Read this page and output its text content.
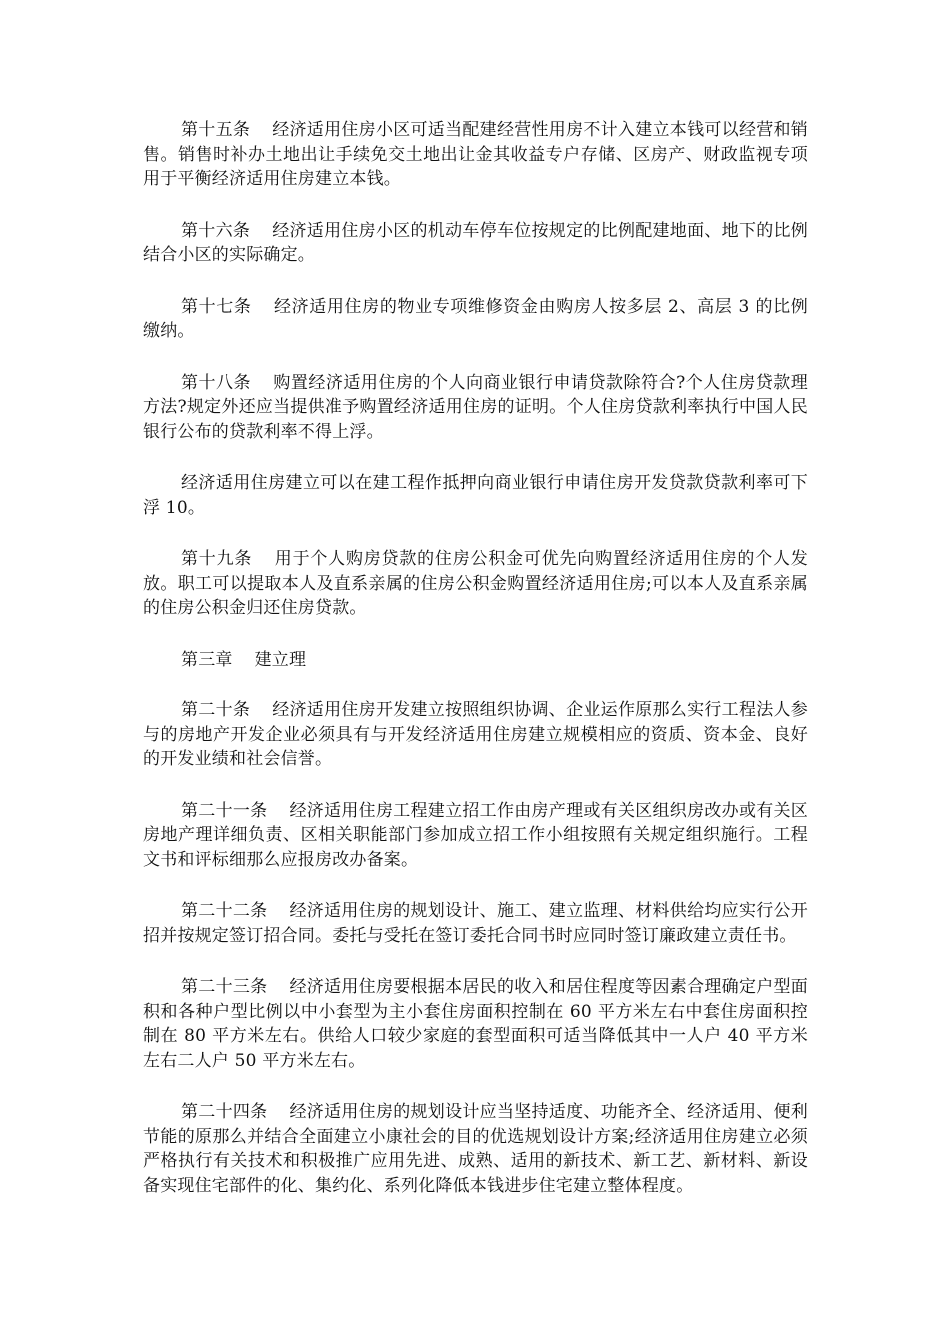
第十五条 经济适用住房小区可适当配建经营性用房不计入建立本钱可以经营和销售。销售时补办土地出让手续免交土地出让金其收益专户存储、区房产、财政监视专项用于平衡经济适用住房建立本钱。

第十六条 经济适用住房小区的机动车停车位按规定的比例配建地面、地下的比例结合小区的实际确定。

第十七条 经济适用住房的物业专项维修资金由购房人按多层 2、高层 3 的比例缴纳。

第十八条 购置经济适用住房的个人向商业银行申请贷款除符合?个人住房贷款理方法?规定外还应当提供准予购置经济适用住房的证明。个人住房贷款利率执行中国人民银行公布的贷款利率不得上浮。

经济适用住房建立可以在建工程作抵押向商业银行申请住房开发贷款贷款利率可下浮 10。

第十九条 用于个人购房贷款的住房公积金可优先向购置经济适用住房的个人发放。职工可以提取本人及直系亲属的住房公积金购置经济适用住房;可以本人及直系亲属的住房公积金归还住房贷款。

第三章 建立理

第二十条 经济适用住房开发建立按照组织协调、企业运作原那么实行工程法人参与的房地产开发企业必须具有与开发经济适用住房建立规模相应的资质、资本金、良好的开发业绩和社会信誉。

第二十一条 经济适用住房工程建立招工作由房产理或有关区组织房改办或有关区房地产理详细负责、区相关职能部门参加成立招工作小组按照有关规定组织施行。工程文书和评标细那么应报房改办备案。

第二十二条 经济适用住房的规划设计、施工、建立监理、材料供给均应实行公开招并按规定签订招合同。委托与受托在签订委托合同书时应同时签订廉政建立责任书。

第二十三条 经济适用住房要根据本居民的收入和居住程度等因素合理确定户型面积和各种户型比例以中小套型为主小套住房面积控制在 60 平方米左右中套住房面积控制在 80 平方米左右。供给人口较少家庭的套型面积可适当降低其中一人户 40 平方米左右二人户 50 平方米左右。

第二十四条 经济适用住房的规划设计应当坚持适度、功能齐全、经济适用、便利节能的原那么并结合全面建立小康社会的目的优选规划设计方案;经济适用住房建立必须严格执行有关技术和积极推广应用先进、成熟、适用的新技术、新工艺、新材料、新设备实现住宅部件的化、集约化、系列化降低本钱进步住宅建立整体程度。
